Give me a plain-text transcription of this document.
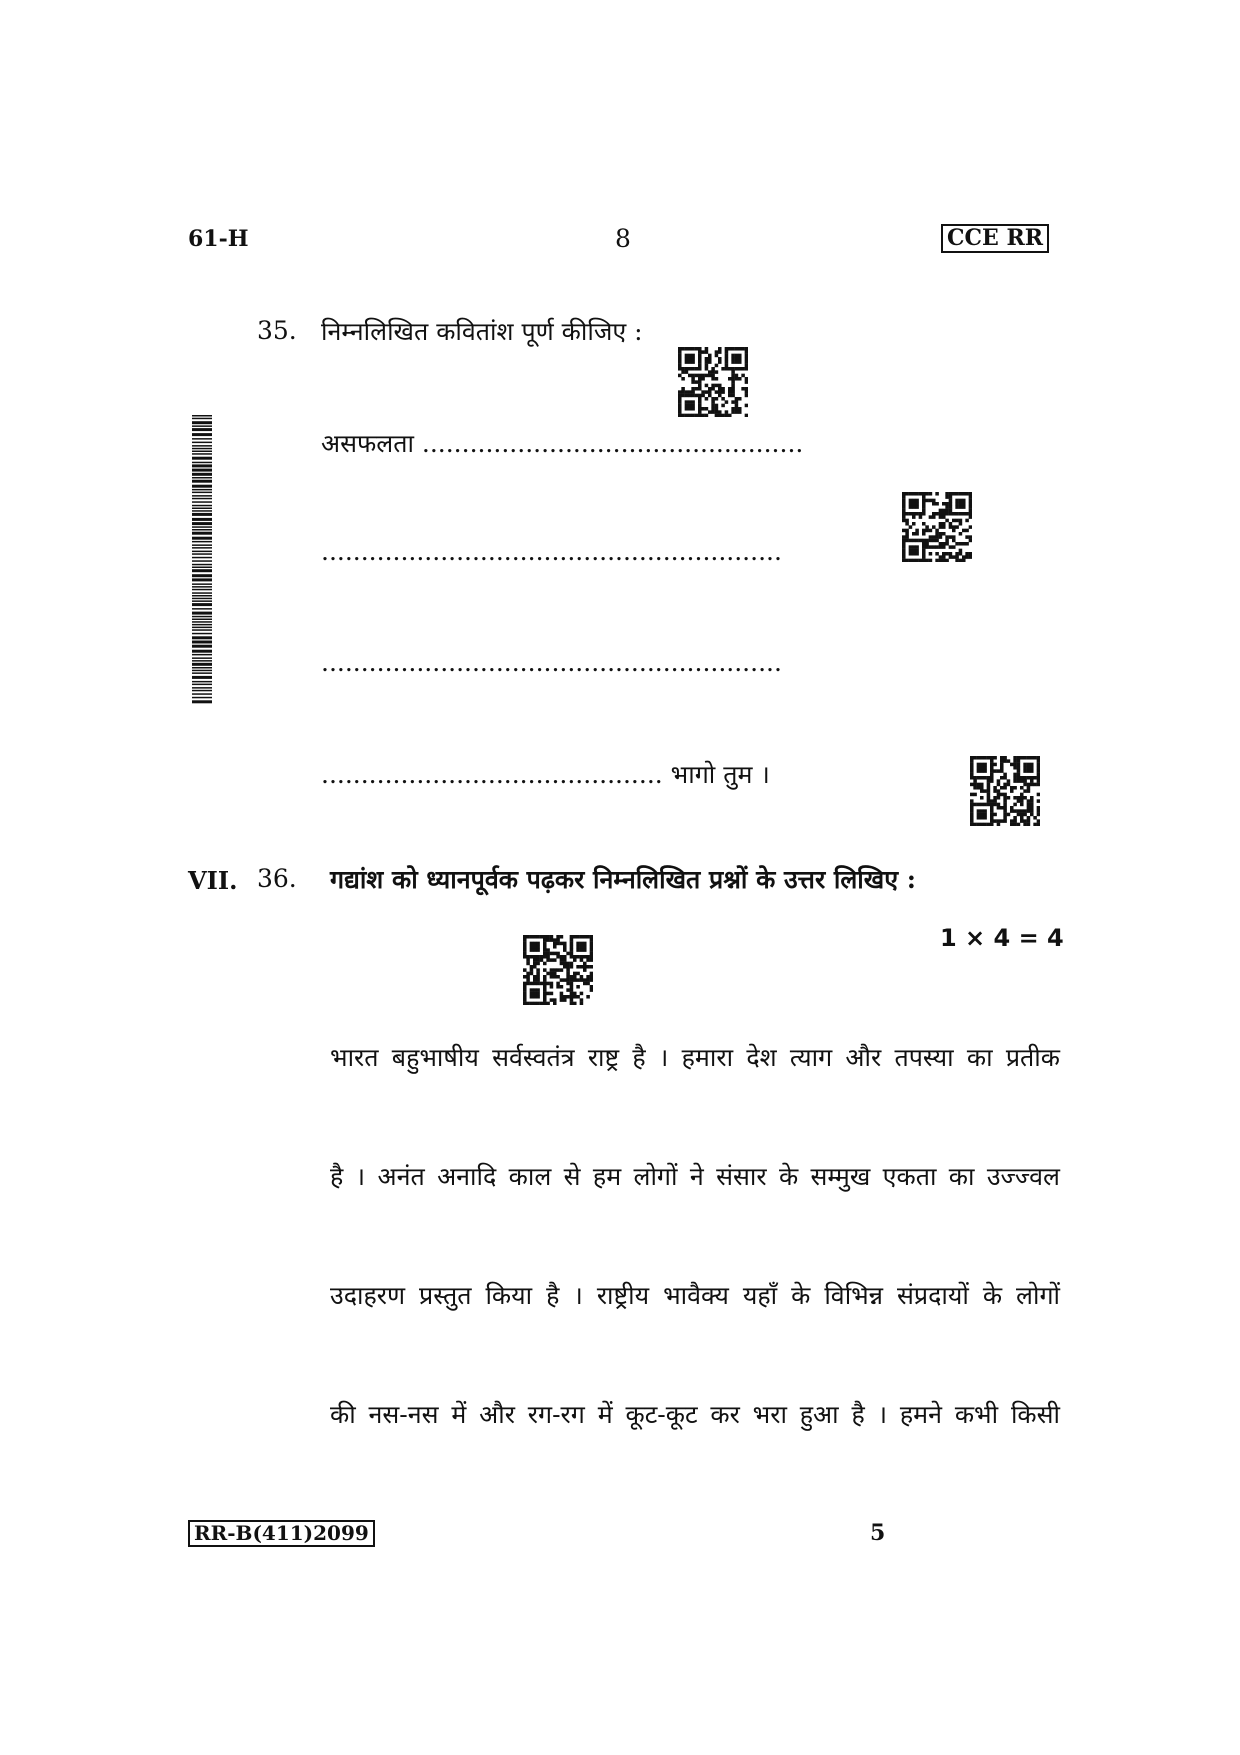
61-H	8	CCE RR
35. निम्नलिखित कवितांश पूर्ण कीजिए :
असफलता ................................................
..........................................................
..........................................................
........................................... भागो तुम ।
VII. 36. गद्यांश को ध्यानपूर्वक पढ़कर निम्नलिखित प्रश्नों के उत्तर लिखिए :
1 × 4 = 4
भारत बहुभाषीय सर्वस्वतंत्र राष्ट्र है । हमारा देश त्याग और तपस्या का प्रतीक
है । अनंत अनादि काल से हम लोगों ने संसार के सम्मुख एकता का उज्ज्वल
उदाहरण प्रस्तुत किया है । राष्ट्रीय भावैक्य यहाँ के विभिन्न संप्रदायों के लोगों
की नस-नस में और रग-रग में कूट-कूट कर भरा हुआ है । हमने कभी किसी
RR-B(411)2099	5
